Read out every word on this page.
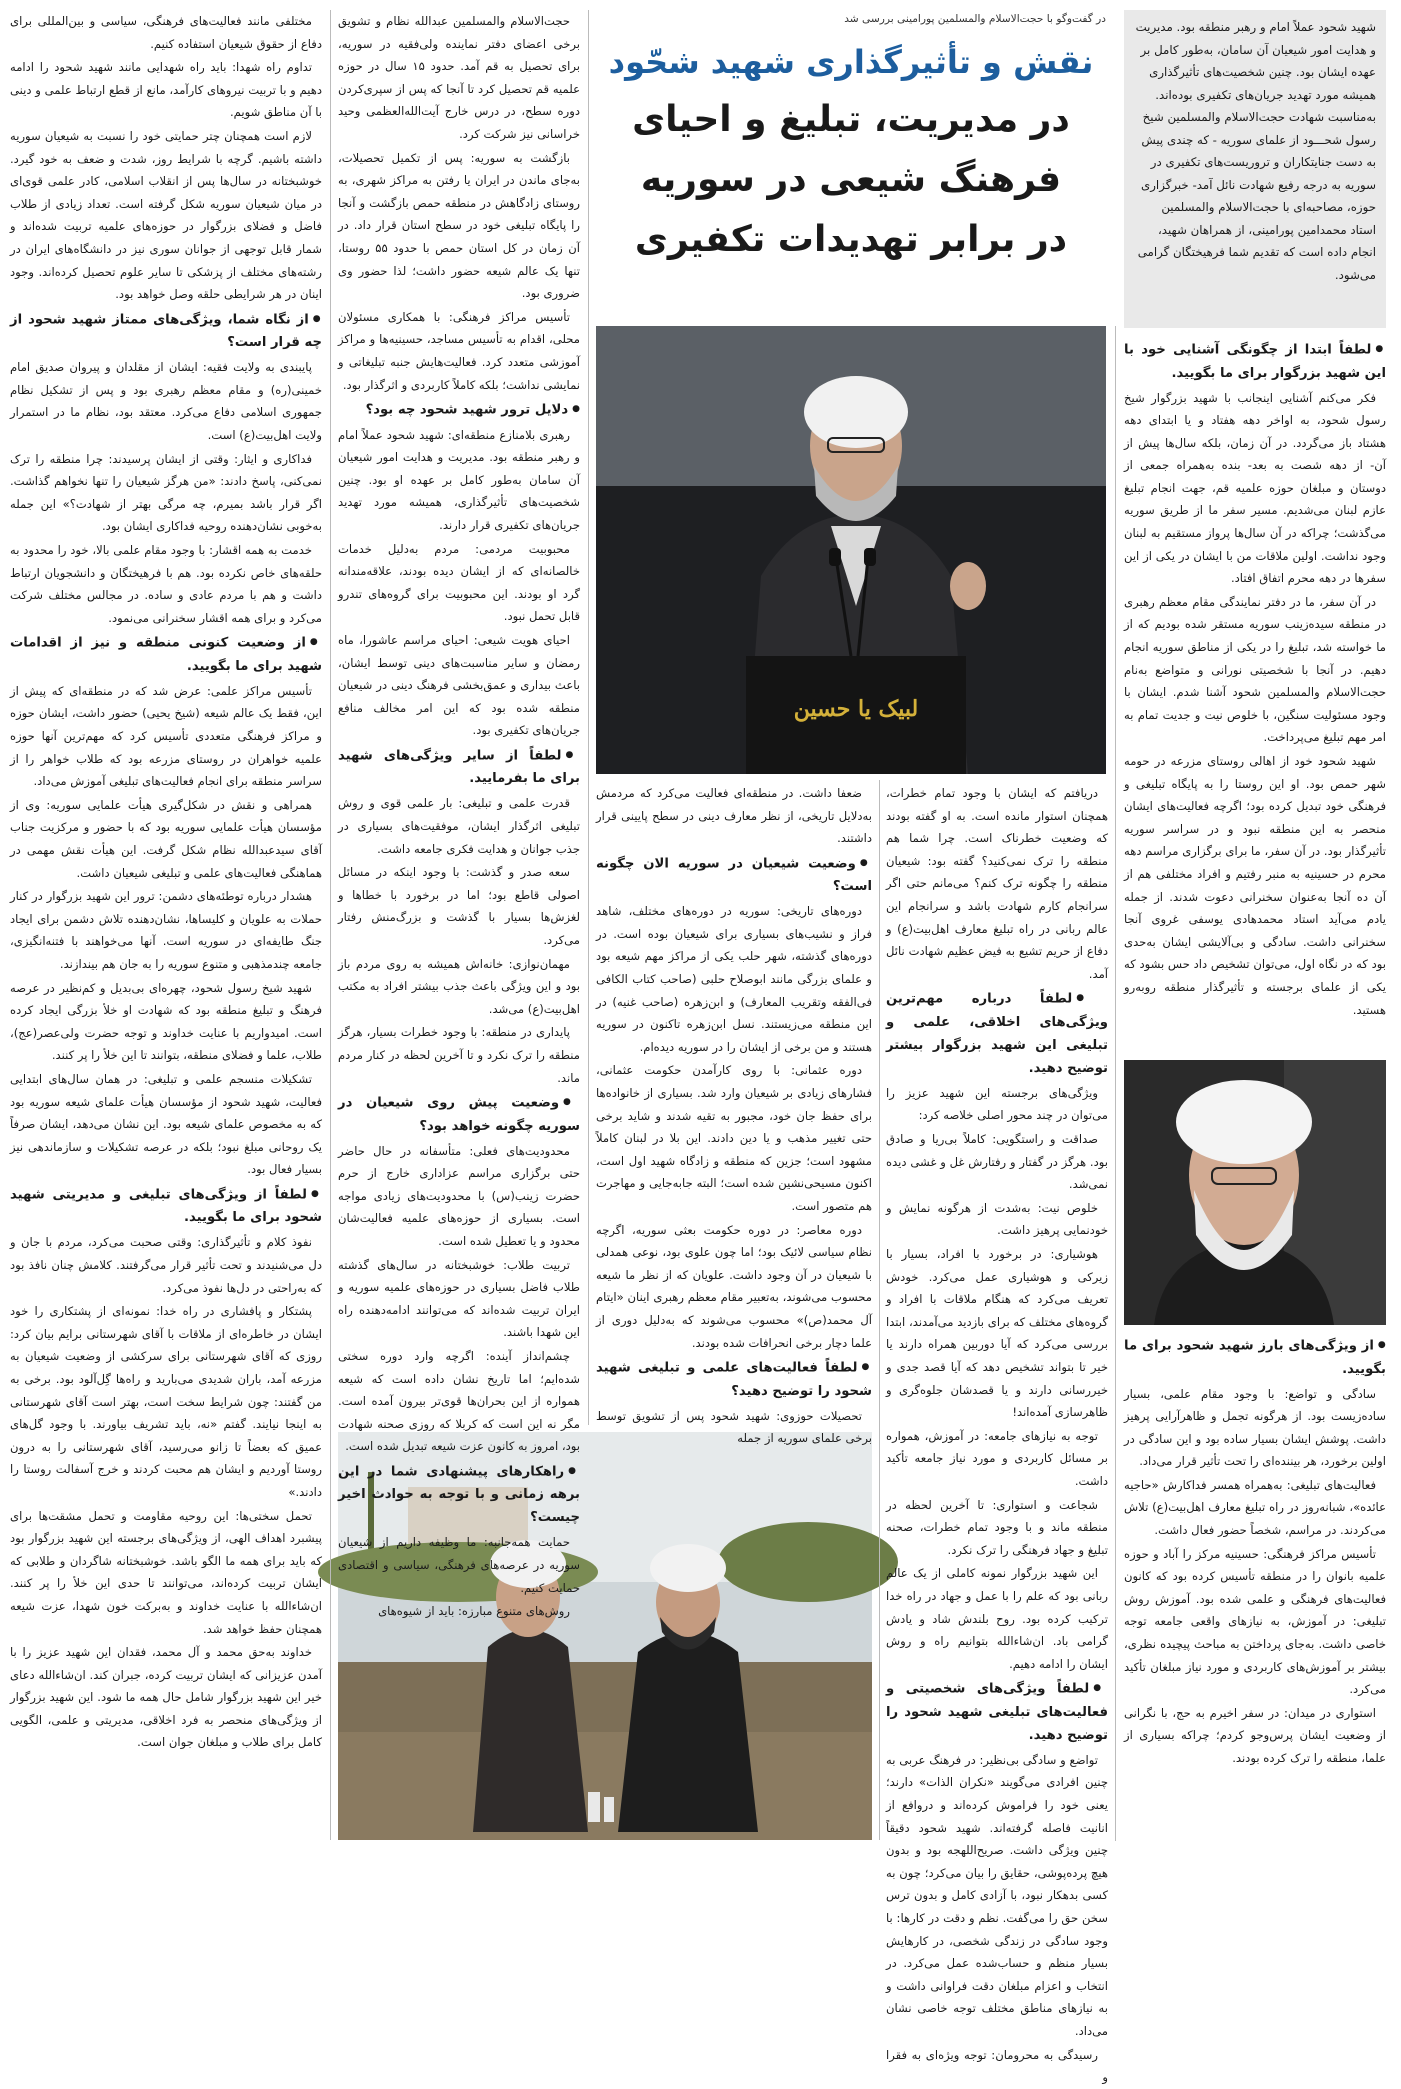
شهید شحود عملاً امام و رهبر منطقه بود. مدیریت و هدایت امور شیعیان آن سامان، به‌طور کامل بر عهده ایشان بود. چنین شخصیت‌های تأثیرگذاری همیشه مورد تهدید جریان‌های تکفیری بوده‌اند. به‌مناسبت شهادت حجت‌الاسلام والمسلمین شیخ رسول شحـــود از علمای سوریه - که چندی پیش به دست جنایتکاران و تروریست‌های تکفیری در سوریه به درجه رفیع شهادت نائل آمد- خبرگزاری حوزه، مصاحبه‌ای با حجت‌الاسلام والمسلمین استاد محمدامین پورامینی، از همراهان شهید، انجام داده است که تقدیم شما فرهیختگان گرامی می‌شود.

در گفت‌وگو با حجت‌الاسلام والمسلمین پورامینی بررسی شد
نقش و تأثیرگذاری شهید شحّود
در مدیریت، تبلیغ و احیای
فرهنگ شیعی در سوریه
در برابر تهدیدات تکفیری
لبیک یا حسین

● لطفاً ابتدا از چگونگی آشنایی خود با این شهید بزرگوار برای ما بگویید.

فکر می‌کنم آشنایی اینجانب با شهید بزرگوار شیخ رسول شحود، به اواخر دهه هفتاد و یا ابتدای دهه هشتاد باز می‌گردد. در آن زمان، بلکه سال‌ها پیش از آن- از دهه شصت به بعد- بنده به‌همراه جمعی از دوستان و مبلغان حوزه علمیه قم، جهت انجام تبلیغ عازم لبنان می‌شدیم. مسیر سفر ما از طریق سوریه می‌گذشت؛ چراکه در آن سال‌ها پرواز مستقیم به لبنان وجود نداشت. اولین ملاقات من با ایشان در یکی از این سفرها در دهه محرم اتفاق افتاد.

در آن سفر، ما در دفتر نمایندگی مقام معظم رهبری در منطقه سیده‌زینب سوریه مستقر شده بودیم که از ما خواسته شد، تبلیغ را در یکی از مناطق سوریه انجام دهیم. در آنجا با شخصیتی نورانی و متواضع به‌نام حجت‌الاسلام والمسلمین شحود آشنا شدم. ایشان با وجود مسئولیت سنگین، با خلوص نیت و جدیت تمام به امر مهم تبلیغ می‌پرداخت.

شهید شحود خود از اهالی روستای مزرعه در حومه شهر حمص بود. او این روستا را به پایگاه تبلیغی و فرهنگی خود تبدیل کرده بود؛ اگرچه فعالیت‌های ایشان منحصر به این منطقه نبود و در سراسر سوریه تأثیرگذار بود. در آن سفر، ما برای برگزاری مراسم دهه محرم در حسینیه به منبر رفتیم و افراد مختلفی هم از آن ده آنجا به‌عنوان سخنرانی دعوت شدند. از جمله یادم می‌آید استاد محمدهادی یوسفی غروی آنجا سخنرانی داشت. سادگی و بی‌آلایشی ایشان به‌حدی بود که در نگاه اول، می‌توان تشخیص داد حس بشود که یکی از علمای برجسته و تأثیرگذار منطقه روبه‌رو هستید.

● از ویژگی‌های بارز شهید شحود برای ما بگویید.

سادگی و تواضع: با وجود مقام علمی، بسیار ساده‌زیست بود. از هرگونه تجمل و ظاهرآرایی پرهیز داشت. پوشش ایشان بسیار ساده بود و این سادگی در اولین برخورد، هر بیننده‌ای را تحت تأثیر قرار می‌داد.

فعالیت‌های تبلیغی: به‌همراه همسر فداکارش «حاجیه عائده»، شبانه‌روز در راه تبلیغ معارف اهل‌بیت(ع) تلاش می‌کردند. در مراسم، شخصاً حضور فعال داشت.

تأسیس مراکز فرهنگی: حسینیه مرکز را آباد و حوزه علمیه بانوان را در منطقه تأسیس کرده بود که کانون فعالیت‌های فرهنگی و علمی شده بود. آموزش روش تبلیغی: در آموزش، به نیازهای واقعی جامعه توجه خاصی داشت. به‌جای پرداختن به مباحث پیچیده نظری، بیشتر بر آموزش‌های کاربردی و مورد نیاز مبلغان تأکید می‌کرد.

استواری در میدان: در سفر اخیرم به حج، با نگرانی از وضعیت ایشان پرس‌وجو کردم؛ چراکه بسیاری از علما، منطقه را ترک کرده بودند.

دریافتم که ایشان با وجود تمام خطرات، همچنان استوار مانده است. به او گفته بودند که وضعیت خطرناک است. چرا شما هم منطقه را ترک نمی‌کنید؟ گفته بود: شیعیان منطقه را چگونه ترک کنم؟ می‌مانم حتی اگر سرانجام کارم شهادت باشد و سرانجام این عالم ربانی در راه تبلیغ معارف اهل‌بیت(ع) و دفاع از حریم تشیع به فیض عظیم شهادت نائل آمد.

● لطفاً درباره مهم‌ترین ویژگی‌های اخلاقی، علمی و تبلیغی این شهید بزرگوار بیشتر توضیح دهید.

ویژگی‌های برجسته این شهید عزیز را می‌توان در چند محور اصلی خلاصه کرد:

صداقت و راستگویی: کاملاً بی‌ریا و صادق بود. هرگز در گفتار و رفتارش غل و غشی دیده نمی‌شد.

خلوص نیت: به‌شدت از هرگونه نمایش و خودنمایی پرهیز داشت.

هوشیاری: در برخورد با افراد، بسیار با زیرکی و هوشیاری عمل می‌کرد. خودش تعریف می‌کرد که هنگام ملاقات با افراد و گروه‌های مختلف که برای بازدید می‌آمدند، ابتدا بررسی می‌کرد که آیا دوربین همراه دارند یا خیر تا بتواند تشخیص دهد که آیا قصد جدی و خیررسانی دارند و یا قصدشان جلوه‌گری و ظاهرسازی آمده‌اند!

توجه به نیازهای جامعه: در آموزش، همواره بر مسائل کاربردی و مورد نیاز جامعه تأکید داشت.

شجاعت و استواری: تا آخرین لحظه در منطقه ماند و با وجود تمام خطرات، صحنه تبلیغ و جهاد فرهنگی را ترک نکرد.

این شهید بزرگوار نمونه کاملی از یک عالم ربانی بود که علم را با عمل و جهاد در راه خدا ترکیب کرده بود. روح بلندش شاد و یادش گرامی باد. ان‌شاءالله بتوانیم راه و روش ایشان را ادامه دهیم.

● لطفاً ویژگی‌های شخصیتی و فعالیت‌های تبلیغی شهید شحود را توضیح دهید.

تواضع و سادگی بی‌نظیر: در فرهنگ عربی به چنین افرادی می‌گویند «نکران الذات» دارند؛ یعنی خود را فراموش کرده‌اند و دروافع از انانیت فاصله گرفته‌اند. شهید شحود دقیقاً چنین ویژگی داشت. صریح‌اللهجه بود و بدون هیچ پرده‌پوشی، حقایق را بیان می‌کرد؛ چون به کسی بدهکار نبود، با آزادی کامل و بدون ترس سخن حق را می‌گفت. نظم و دقت در کارها: با وجود سادگی در زندگی شخصی، در کارهایش بسیار منظم و حساب‌شده عمل می‌کرد. در انتخاب و اعزام مبلغان دقت فراوانی داشت و به نیازهای مناطق مختلف توجه خاصی نشان می‌داد.

رسیدگی به محرومان: توجه ویژه‌ای به فقرا و

ضعفا داشت. در منطقه‌ای فعالیت می‌کرد که مردمش به‌دلایل تاریخی، از نظر معارف دینی در سطح پایینی قرار داشتند.

● وضعیت شیعیان در سوریه الان چگونه است؟

دوره‌های تاریخی: سوریه در دوره‌های مختلف، شاهد فراز و نشیب‌های بسیاری برای شیعیان بوده است. در دوره‌های گذشته، شهر حلب یکی از مراکز مهم شیعه بود و علمای بزرگی مانند ابوصلاح حلبی (صاحب کتاب الکافی فی‌الفقه وتقریب المعارف) و ابن‌زهره (صاحب غنیه) در این منطقه می‌زیستند. نسل ابن‌زهره تاکنون در سوریه هستند و من برخی از ایشان را در سوریه دیده‌ام.

دوره عثمانی: با روی کارآمدن حکومت عثمانی، فشارهای زیادی بر شیعیان وارد شد. بسیاری از خانواده‌ها برای حفظ جان خود، مجبور به تقیه شدند و شاید برخی حتی تغییر مذهب و یا دین دادند. این بلا در لبنان کاملاً مشهود است؛ جزین که منطقه و زادگاه شهید اول است، اکنون مسیحی‌نشین شده است؛ البته جابه‌جایی و مهاجرت هم متصور است.

دوره معاصر: در دوره حکومت بعثی سوریه، اگرچه نظام سیاسی لائیک بود؛ اما چون علوی بود، نوعی همدلی با شیعیان در آن وجود داشت. علویان که از نظر ما شیعه محسوب می‌شوند، به‌تعبیر مقام معظم رهبری اینان «ایتام آل محمد(ص)» محسوب می‌شوند که به‌دلیل دوری از علما دچار برخی انحرافات شده بودند.

● لطفاً فعالیت‌های علمی و تبلیغی شهید شحود را توضیح دهید؟

تحصیلات حوزوی: شهید شحود پس از تشویق توسط برخی علمای سوریه از جمله

حجت‌الاسلام والمسلمین عبدالله نظام و تشویق برخی اعضای دفتر نماینده ولی‌فقیه در سوریه، برای تحصیل به قم آمد. حدود ۱۵ سال در حوزه علمیه قم تحصیل کرد تا آنجا که پس از سپری‌کردن دوره سطح، در درس خارج آیت‌الله‌العظمی وحید خراسانی نیز شرکت کرد.

بازگشت به سوریه: پس از تکمیل تحصیلات، به‌جای ماندن در ایران یا رفتن به مراکز شهری، به روستای زادگاهش در منطقه حمص بازگشت و آنجا را پایگاه تبلیغی خود در سطح استان قرار داد. در آن زمان در کل استان حمص با حدود ۵۵ روستا، تنها یک عالم شیعه حضور داشت؛ لذا حضور وی ضروری بود.

تأسیس مراکز فرهنگی: با همکاری مسئولان محلی، اقدام به تأسیس مساجد، حسینیه‌ها و مراکز آموزشی متعدد کرد. فعالیت‌هایش جنبه تبلیغاتی و نمایشی نداشت؛ بلکه کاملاً کاربردی و اثرگذار بود.

● دلایل ترور شهید شحود چه بود؟

رهبری بلامنازع منطقه‌ای: شهید شحود عملاً امام و رهبر منطقه بود. مدیریت و هدایت امور شیعیان آن سامان به‌طور کامل بر عهده او بود. چنین شخصیت‌های تأثیرگذاری، همیشه مورد تهدید جریان‌های تکفیری قرار دارند.

محبوبیت مردمی: مردم به‌دلیل خدمات خالصانه‌ای که از ایشان دیده بودند، علاقه‌مندانه گرد او بودند. این محبوبیت برای گروه‌های تندرو قابل تحمل نبود.

احیای هویت شیعی: احیای مراسم عاشورا، ماه رمضان و سایر مناسبت‌های دینی توسط ایشان، باعث بیداری و عمق‌بخشی فرهنگ دینی در شیعیان منطقه شده بود که این امر مخالف منافع جریان‌های تکفیری بود.

● لطفاً از سایر ویژگی‌های شهید برای ما بفرمایید.

قدرت علمی و تبلیغی: بار علمی قوی و روش تبلیغی اثرگذار ایشان، موفقیت‌های بسیاری در جذب جوانان و هدایت فکری جامعه داشت.

سعه صدر و گذشت: با وجود اینکه در مسائل اصولی قاطع بود؛ اما در برخورد با خطاها و لغزش‌ها بسیار با گذشت و بزرگ‌منش رفتار می‌کرد.

مهمان‌نوازی: خانه‌اش همیشه به روی مردم باز بود و این ویژگی باعث جذب بیشتر افراد به مکتب اهل‌بیت(ع) می‌شد.

پایداری در منطقه: با وجود خطرات بسیار، هرگز منطقه را ترک نکرد و تا آخرین لحظه در کنار مردم ماند.

● وضعیت پیش روی شیعیان در سوریه چگونه خواهد بود؟

محدودیت‌های فعلی: متأسفانه در حال حاضر حتی برگزاری مراسم عزاداری خارج از حرم حضرت زینب(س) با محدودیت‌های زیادی مواجه است. بسیاری از حوزه‌های علمیه فعالیت‌شان محدود و یا تعطیل شده است.

تربیت طلاب: خوشبختانه در سال‌های گذشته طلاب فاضل بسیاری در حوزه‌های علمیه سوریه و ایران تربیت شده‌اند که می‌توانند ادامه‌دهنده راه این شهدا باشند.

چشم‌انداز آینده: اگرچه وارد دوره سختی شده‌ایم؛ اما تاریخ نشان داده است که شیعه همواره از این بحران‌ها قوی‌تر بیرون آمده است. مگر نه این است که کربلا که روزی صحنه شهادت بود، امروز به کانون عزت شیعه تبدیل شده است.

● راهکارهای پیشنهادی شما در این برهه زمانی و با توجه به حوادث اخیر چیست؟

حمایت همه‌جانبه: ما وظیفه داریم از شیعیان سوریه در عرصه‌های فرهنگی، سیاسی و اقتصادی حمایت کنیم.

روش‌های متنوع مبارزه: باید از شیوه‌های

مختلفی مانند فعالیت‌های فرهنگی، سیاسی و بین‌المللی برای دفاع از حقوق شیعیان استفاده کنیم.

تداوم راه شهدا: باید راه شهدایی مانند شهید شحود را ادامه دهیم و با تربیت نیروهای کارآمد، مانع از قطع ارتباط علمی و دینی با آن مناطق شویم.

لازم است همچنان چتر حمایتی خود را نسبت به شیعیان سوریه داشته باشیم. گرچه با شرایط روز، شدت و ضعف به خود گیرد. خوشبختانه در سال‌ها پس از انقلاب اسلامی، کادر علمی قوی‌ای در میان شیعیان سوریه شکل گرفته است. تعداد زیادی از طلاب فاضل و فضلای بزرگوار در حوزه‌های علمیه تربیت شده‌اند و شمار قابل توجهی از جوانان سوری نیز در دانشگاه‌های ایران در رشته‌های مختلف از پزشکی تا سایر علوم تحصیل کرده‌اند. وجود اینان در هر شرایطی حلقه وصل خواهد بود.

● از نگاه شما، ویژگی‌های ممتاز شهید شحود از چه قرار است؟

پایبندی به ولایت فقیه: ایشان از مقلدان و پیروان صدیق امام خمینی(ره) و مقام معظم رهبری بود و پس از تشکیل نظام جمهوری اسلامی دفاع می‌کرد. معتقد بود، نظام ما در استمرار ولایت اهل‌بیت(ع) است.

فداکاری و ایثار: وقتی از ایشان پرسیدند: چرا منطقه را ترک نمی‌کنی، پاسخ دادند: «من هرگز شیعیان را تنها نخواهم گذاشت. اگر قرار باشد بمیرم، چه مرگی بهتر از شهادت؟» این جمله به‌خوبی نشان‌دهنده روحیه فداکاری ایشان بود.

خدمت به همه اقشار: با وجود مقام علمی بالا، خود را محدود به حلقه‌های خاص نکرده بود. هم با فرهیختگان و دانشجویان ارتباط داشت و هم با مردم عادی و ساده. در مجالس مختلف شرکت می‌کرد و برای همه اقشار سخنرانی می‌نمود.

● از وضعیت کنونی منطقه و نیز از اقدامات شهید برای ما بگویید.

تأسیس مراکز علمی: عرض شد که در منطقه‌ای که پیش از این، فقط یک عالم شیعه (شیخ یحیی) حضور داشت، ایشان حوزه و مراکز فرهنگی متعددی تأسیس کرد که مهم‌ترین آنها حوزه علمیه خواهران در روستای مزرعه بود که طلاب خواهر را از سراسر منطقه برای انجام فعالیت‌های تبلیغی آموزش می‌داد.

همراهی و نقش در شکل‌گیری هیأت علمایی سوریه: وی از مؤسسان هیأت علمایی سوریه بود که با حضور و مرکزیت جناب آقای سیدعبدالله نظام شکل گرفت. این هیأت نقش مهمی در هماهنگی فعالیت‌های علمی و تبلیغی شیعیان داشت.

هشدار درباره توطئه‌های دشمن: ترور این شهید بزرگوار در کنار حملات به علویان و کلیساها، نشان‌دهنده تلاش دشمن برای ایجاد جنگ طایفه‌ای در سوریه است. آنها می‌خواهند با فتنه‌انگیزی، جامعه چندمذهبی و متنوع سوریه را به جان هم بیندازند.

شهید شیخ رسول شحود، چهره‌ای بی‌بدیل و کم‌نظیر در عرصه فرهنگ و تبلیغ منطقه بود که شهادت او خلأ بزرگی ایجاد کرده است. امیدواریم با عنایت خداوند و توجه حضرت ولی‌عصر(عج)، طلاب، علما و فضلای منطقه، بتوانند تا این خلأ را پر کنند.

تشکیلات منسجم علمی و تبلیغی: در همان سال‌های ابتدایی فعالیت، شهید شحود از مؤسسان هیأت علمای شیعه سوریه بود که به مخصوص علمای شیعه بود. این نشان می‌دهد، ایشان صرفاً یک روحانی مبلغ نبود؛ بلکه در عرصه تشکیلات و سازماندهی نیز بسیار فعال بود.

● لطفاً از ویژگی‌های تبلیغی و مدیریتی شهید شحود برای ما بگویید.

نفوذ کلام و تأثیرگذاری: وقتی صحبت می‌کرد، مردم با جان و دل می‌شنیدند و تحت تأثیر قرار می‌گرفتند. کلامش چنان نافذ بود که به‌راحتی در دل‌ها نفوذ می‌کرد.

پشتکار و پافشاری در راه خدا: نمونه‌ای از پشتکاری را خود ایشان در خاطره‌ای از ملاقات با آقای شهرستانی برایم بیان کرد: روزی که آقای شهرستانی برای سرکشی از وضعیت شیعیان به مزرعه آمد، باران شدیدی می‌بارید و راه‌ها گِل‌آلود بود. برخی به من گفتند: چون شرایط سخت است، بهتر است آقای شهرستانی به اینجا نیایند. گفتم «نه، باید تشریف بیاورند. با وجود گل‌های عمیق که بعضاً تا زانو می‌رسید، آقای شهرستانی را به درون روستا آوردیم و ایشان هم محبت کردند و خرج آسفالت روستا را دادند.»

تحمل سختی‌ها: این روحیه مقاومت و تحمل مشقت‌ها برای پیشبرد اهداف الهی، از ویژگی‌های برجسته این شهید بزرگوار بود که باید برای همه ما الگو باشد. خوشبختانه شاگردان و طلابی که ایشان تربیت کرده‌اند، می‌توانند تا حدی این خلأ را پر کنند. ان‌شاءالله با عنایت خداوند و به‌برکت خون شهدا، عزت شیعه همچنان حفظ خواهد شد.

خداوند به‌حق محمد و آل محمد، فقدان این شهید عزیز را با آمدن عزیزانی که ایشان تربیت کرده، جبران کند. ان‌شاءالله دعای خیر این شهید بزرگوار شامل حال همه ما شود. این شهید بزرگوار از ویژگی‌های منحصر به فرد اخلاقی، مدیریتی و علمی، الگویی کامل برای طلاب و مبلغان جوان است.
